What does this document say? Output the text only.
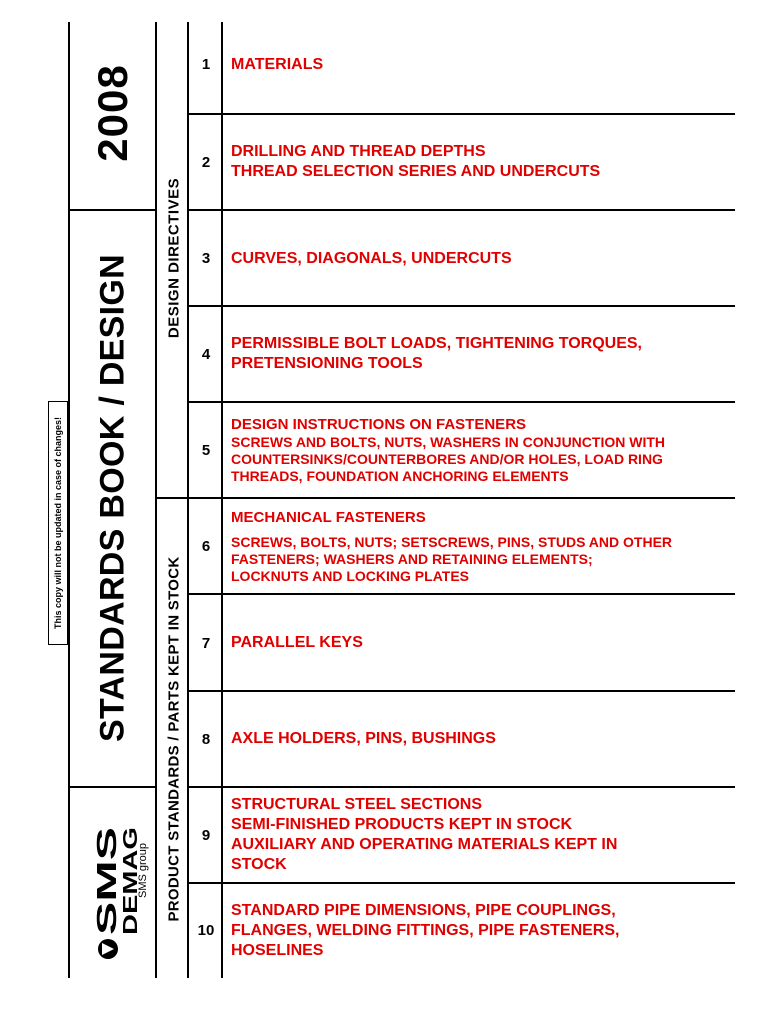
This copy will not be updated in case of changes!
2008
STANDARDS BOOK / DESIGN DESIGN DIRECTIVES
PRODUCT STANDARDS / PARTS KEPT IN STOCK
SMS
DEMAG
SMS group
1	MATERIALS
2
DRILLING AND THREAD DEPTHS
THREAD SELECTION SERIES AND UNDERCUTS
3	CURVES, DIAGONALS, UNDERCUTS
4
PERMISSIBLE BOLT LOADS, TIGHTENING TORQUES,
PRETENSIONING TOOLS
5
DESIGN INSTRUCTIONS ON FASTENERS
SCREWS AND BOLTS, NUTS, WASHERS IN CONJUNCTION WITH
COUNTERSINKS/COUNTERBORES AND/OR HOLES, LOAD RING
THREADS, FOUNDATION ANCHORING ELEMENTS
6
MECHANICAL FASTENERS
SCREWS, BOLTS, NUTS; SETSCREWS, PINS, STUDS AND OTHER
FASTENERS; WASHERS AND RETAINING ELEMENTS;
LOCKNUTS AND LOCKING PLATES
7	PARALLEL KEYS
8	AXLE HOLDERS, PINS, BUSHINGS
9
STRUCTURAL STEEL SECTIONS
SEMI-FINISHED PRODUCTS KEPT IN STOCK
AUXILIARY AND OPERATING MATERIALS KEPT IN
STOCK
10
STANDARD PIPE DIMENSIONS, PIPE COUPLINGS,
FLANGES, WELDING FITTINGS, PIPE FASTENERS,
HOSELINES
